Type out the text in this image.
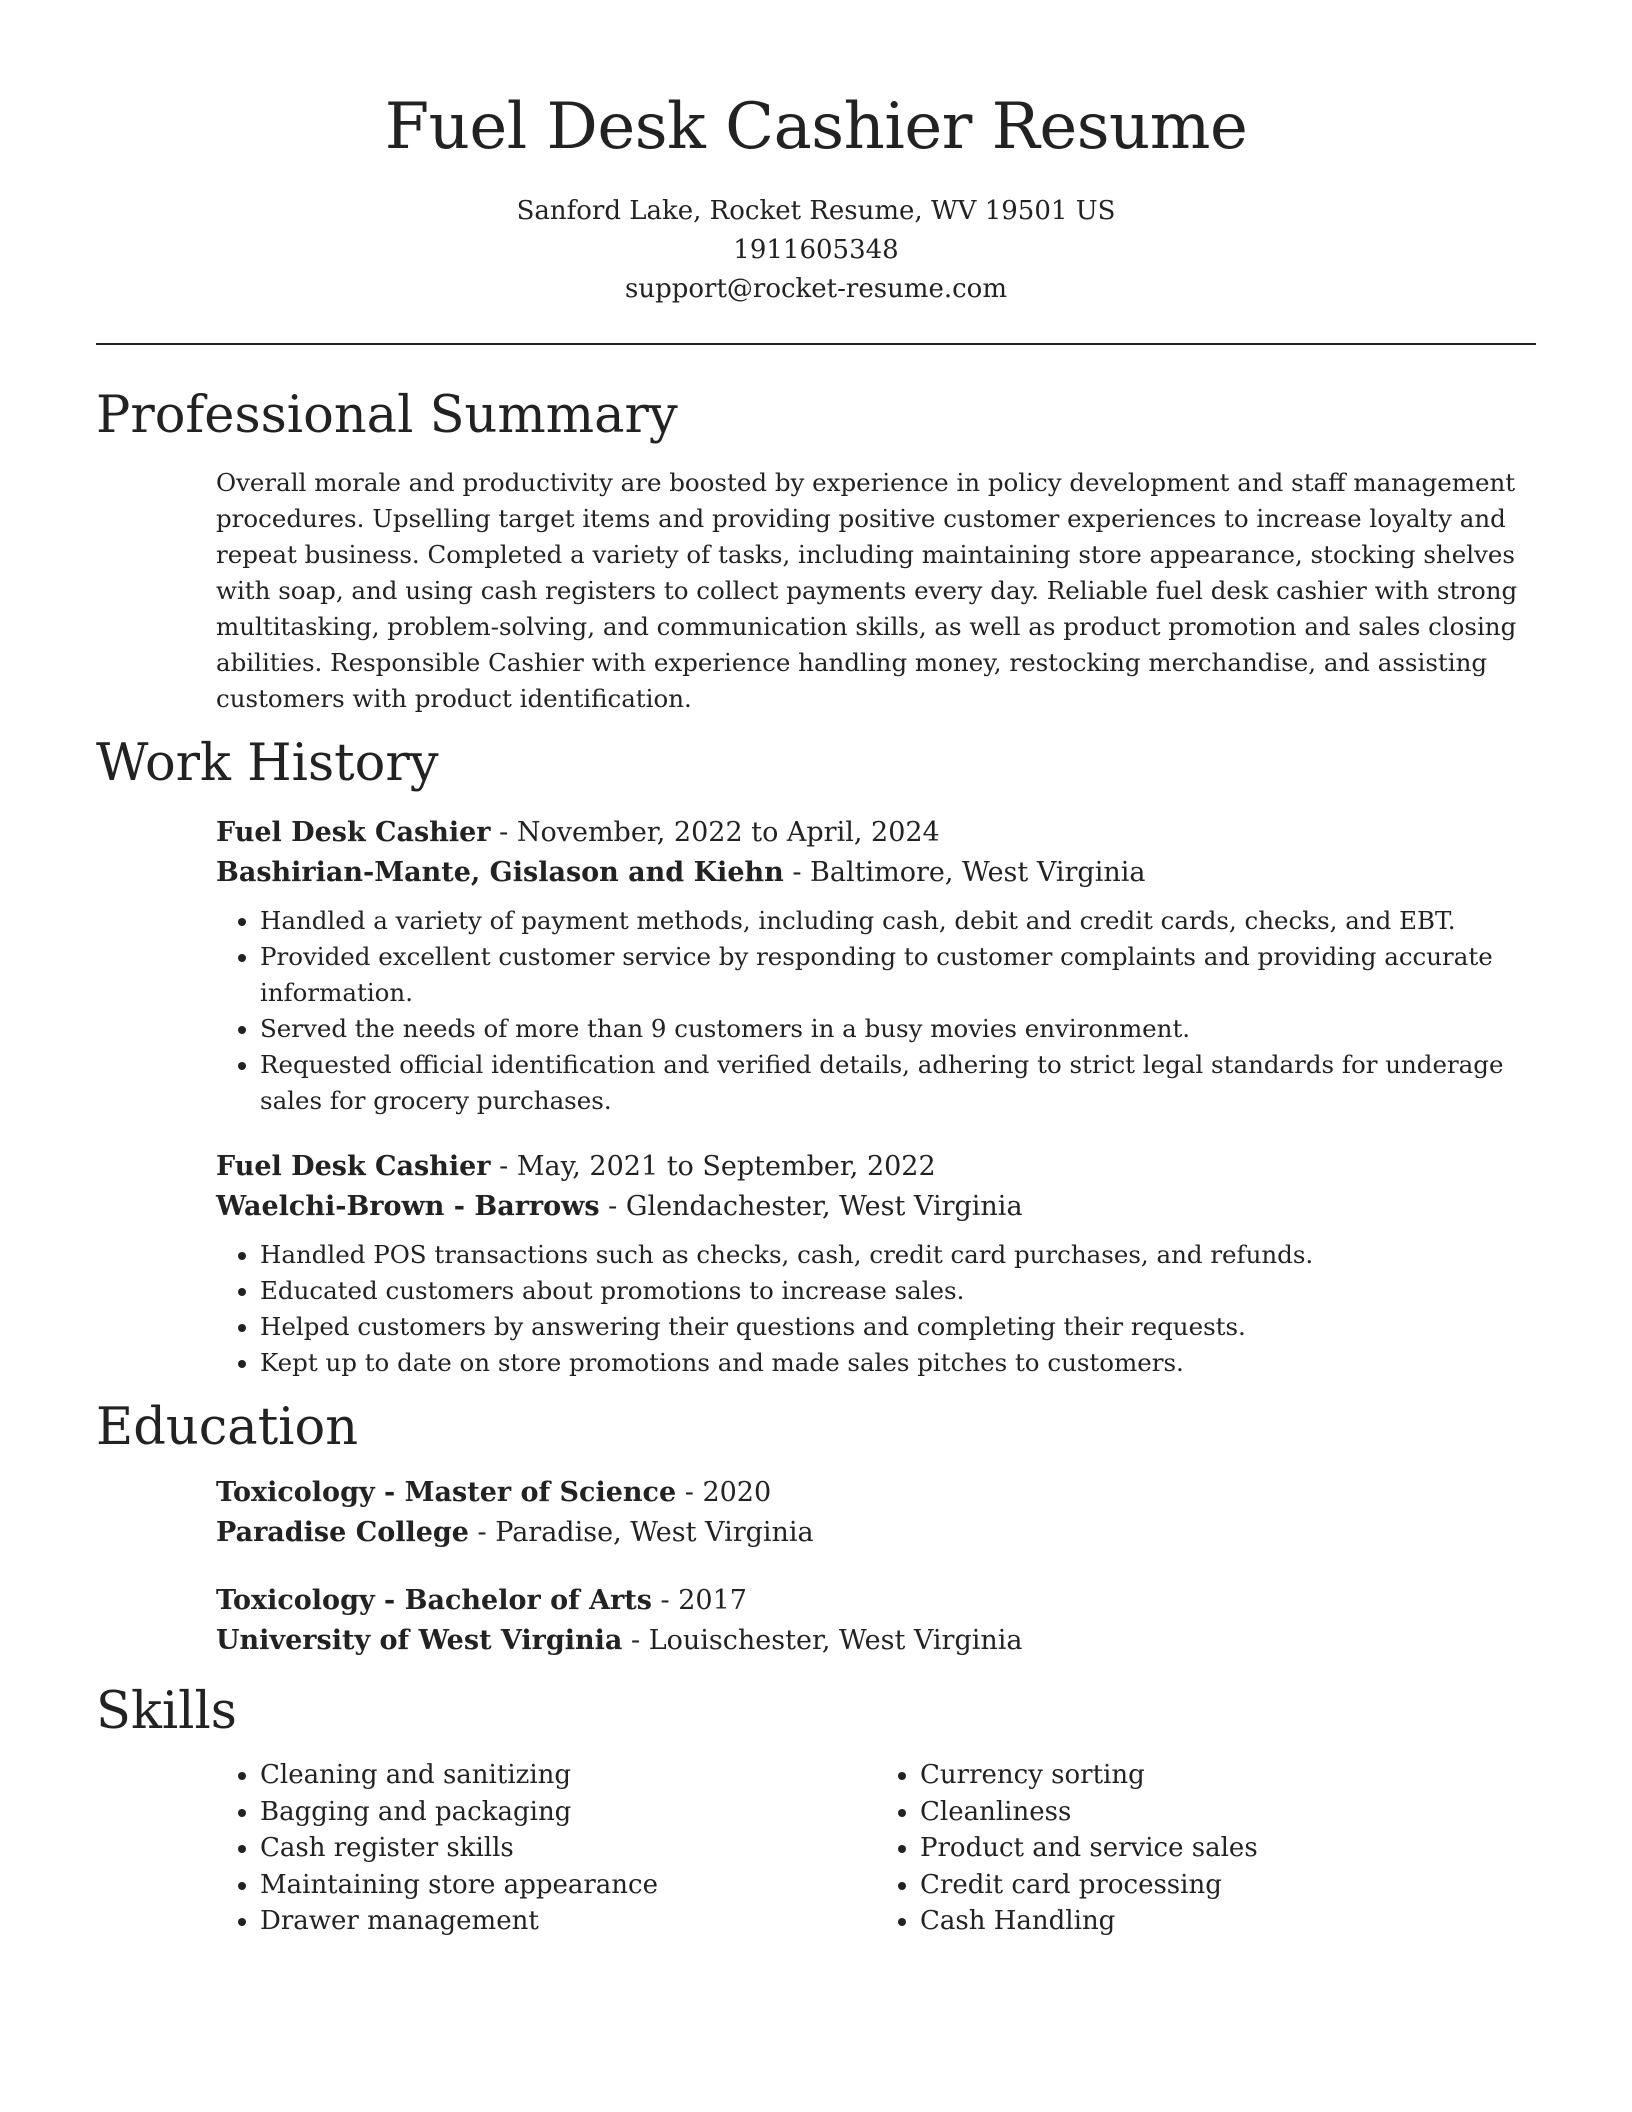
Fuel Desk Cashier Resume
Sanford Lake, Rocket Resume, WV 19501 US
1911605348
support@rocket-resume.com
Professional Summary
Overall morale and productivity are boosted by experience in policy development and staff management procedures. Upselling target items and providing positive customer experiences to increase loyalty and repeat business. Completed a variety of tasks, including maintaining store appearance, stocking shelves with soap, and using cash registers to collect payments every day. Reliable fuel desk cashier with strong multitasking, problem-solving, and communication skills, as well as product promotion and sales closing abilities. Responsible Cashier with experience handling money, restocking merchandise, and assisting customers with product identification.
Work History
Fuel Desk Cashier - November, 2022 to April, 2024
Bashirian-Mante, Gislason and Kiehn - Baltimore, West Virginia
• Handled a variety of payment methods, including cash, debit and credit cards, checks, and EBT.
• Provided excellent customer service by responding to customer complaints and providing accurate information.
• Served the needs of more than 9 customers in a busy movies environment.
• Requested official identification and verified details, adhering to strict legal standards for underage sales for grocery purchases.
Fuel Desk Cashier - May, 2021 to September, 2022
Waelchi-Brown - Barrows - Glendachester, West Virginia
• Handled POS transactions such as checks, cash, credit card purchases, and refunds.
• Educated customers about promotions to increase sales.
• Helped customers by answering their questions and completing their requests.
• Kept up to date on store promotions and made sales pitches to customers.
Education
Toxicology - Master of Science - 2020
Paradise College - Paradise, West Virginia
Toxicology - Bachelor of Arts - 2017
University of West Virginia - Louischester, West Virginia
Skills
• Cleaning and sanitizing
• Bagging and packaging
• Cash register skills
• Maintaining store appearance
• Drawer management
• Currency sorting
• Cleanliness
• Product and service sales
• Credit card processing
• Cash Handling
